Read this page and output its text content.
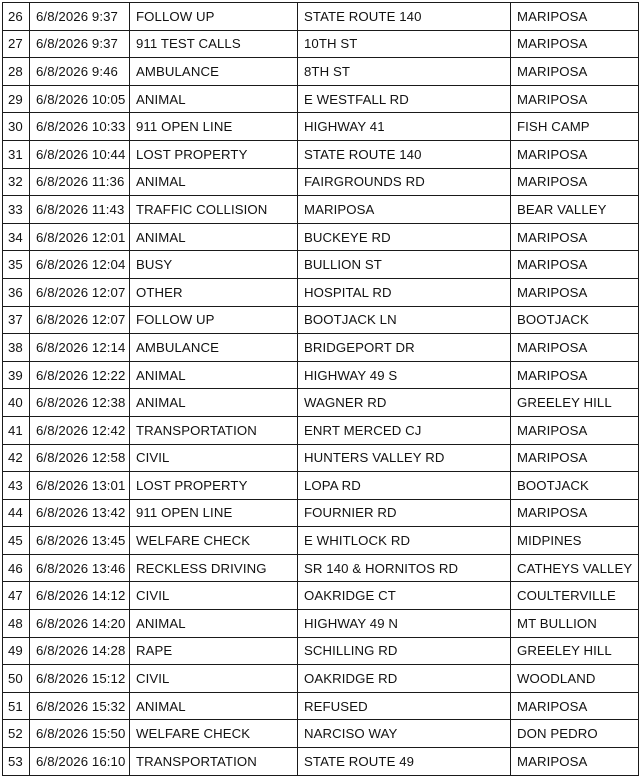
26	6/8/2026 9:37	FOLLOW UP	STATE ROUTE 140	MARIPOSA
27	6/8/2026 9:37	911 TEST CALLS	10TH ST	MARIPOSA
28	6/8/2026 9:46	AMBULANCE	8TH ST	MARIPOSA
29	6/8/2026 10:05	ANIMAL	E WESTFALL RD	MARIPOSA
30	6/8/2026 10:33	911 OPEN LINE	HIGHWAY 41	FISH CAMP
31	6/8/2026 10:44	LOST PROPERTY	STATE ROUTE 140	MARIPOSA
32	6/8/2026 11:36	ANIMAL	FAIRGROUNDS RD	MARIPOSA
33	6/8/2026 11:43	TRAFFIC COLLISION	MARIPOSA	BEAR VALLEY
34	6/8/2026 12:01	ANIMAL	BUCKEYE RD	MARIPOSA
35	6/8/2026 12:04	BUSY	BULLION ST	MARIPOSA
36	6/8/2026 12:07	OTHER	HOSPITAL RD	MARIPOSA
37	6/8/2026 12:07	FOLLOW UP	BOOTJACK LN	BOOTJACK
38	6/8/2026 12:14	AMBULANCE	BRIDGEPORT DR	MARIPOSA
39	6/8/2026 12:22	ANIMAL	HIGHWAY 49 S	MARIPOSA
40	6/8/2026 12:38	ANIMAL	WAGNER RD	GREELEY HILL
41	6/8/2026 12:42	TRANSPORTATION	ENRT MERCED CJ	MARIPOSA
42	6/8/2026 12:58	CIVIL	HUNTERS VALLEY RD	MARIPOSA
43	6/8/2026 13:01	LOST PROPERTY	LOPA RD	BOOTJACK
44	6/8/2026 13:42	911 OPEN LINE	FOURNIER RD	MARIPOSA
45	6/8/2026 13:45	WELFARE CHECK	E WHITLOCK RD	MIDPINES
46	6/8/2026 13:46	RECKLESS DRIVING	SR 140 & HORNITOS RD	CATHEYS VALLEY
47	6/8/2026 14:12	CIVIL	OAKRIDGE CT	COULTERVILLE
48	6/8/2026 14:20	ANIMAL	HIGHWAY 49 N	MT BULLION
49	6/8/2026 14:28	RAPE	SCHILLING RD	GREELEY HILL
50	6/8/2026 15:12	CIVIL	OAKRIDGE RD	WOODLAND
51	6/8/2026 15:32	ANIMAL	REFUSED	MARIPOSA
52	6/8/2026 15:50	WELFARE CHECK	NARCISO WAY	DON PEDRO
53	6/8/2026 16:10	TRANSPORTATION	STATE ROUTE 49	MARIPOSA
